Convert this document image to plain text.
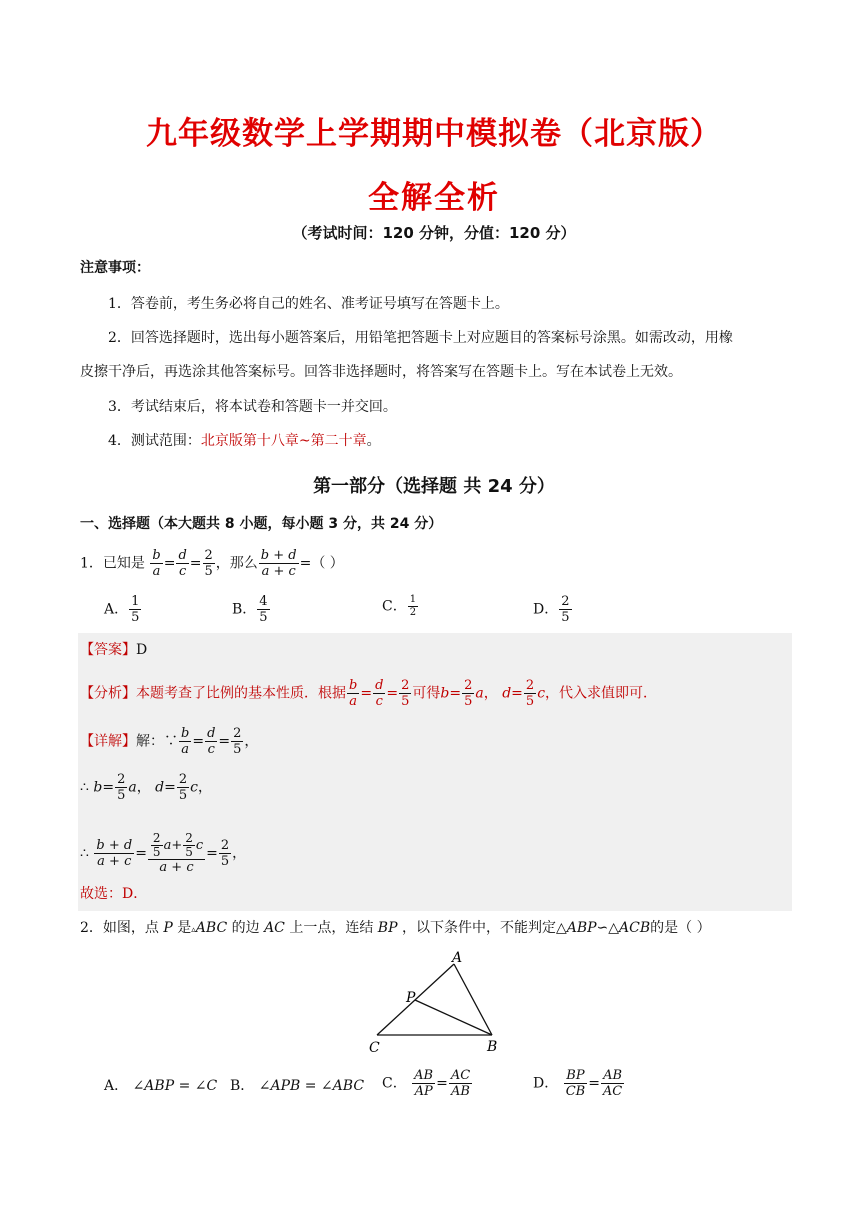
九年级数学上学期期中模拟卷（北京版）
全解全析
（考试时间：120 分钟，分值：120 分）
注意事项：
1．答卷前，考生务必将自己的姓名、准考证号填写在答题卡上。
2．回答选择题时，选出每小题答案后，用铅笔把答题卡上对应题目的答案标号涂黑。如需改动，用橡
皮擦干净后，再选涂其他答案标号。回答非选择题时，将答案写在答题卡上。写在本试卷上无效。
3．考试结束后，将本试卷和答题卡一并交回。
4．测试范围：北京版第十八章~第二十章。
第一部分（选择题 共 24 分）
一、选择题（本大题共 8 小题，每小题 3 分，共 24 分）
1．已知是 $\frac{b}{a} = \frac{d}{c} = \frac{2}{5}$ ，那么 $\frac{b + d}{a + c}$ =（ ）
A． $\frac{1}{5}$	B． $\frac{4}{5}$	C． $\frac{1}{2}$	D． $\frac{2}{5}$
【答案】D
【分析】本题考查了比例的基本性质．根据 $\frac{b}{a} = \frac{d}{c} = \frac{2}{5}$ 可得$b= \frac{2}{5}$ a， $d= \frac{2}{5}$ c，代入求值即可．
【详解】解：∵ $\frac{b}{a} = \frac{d}{c} = \frac{2}{5}$ ，
∴ $b= \frac{2}{5}$ a， $d= \frac{2}{5}$ c，
∴ $\frac{b + d}{a + c} = \frac{\frac{2}{5} a+ \frac{2}{5} c}{a + c} = \frac{2}{5}$ ，
故选：D．
2．如图，点 P 是▵ABC 的边 AC 上一点，连结 BP ，以下条件中，不能判定△ABP∽△ACB的是（ ）
A
P
C	B
A． ∠ABP = ∠C B． ∠APB = ∠ABC C． $\frac{AB}{AP} = \frac{AC}{AB}$	D． $\frac{BP}{CB} = \frac{AB}{AC}$
